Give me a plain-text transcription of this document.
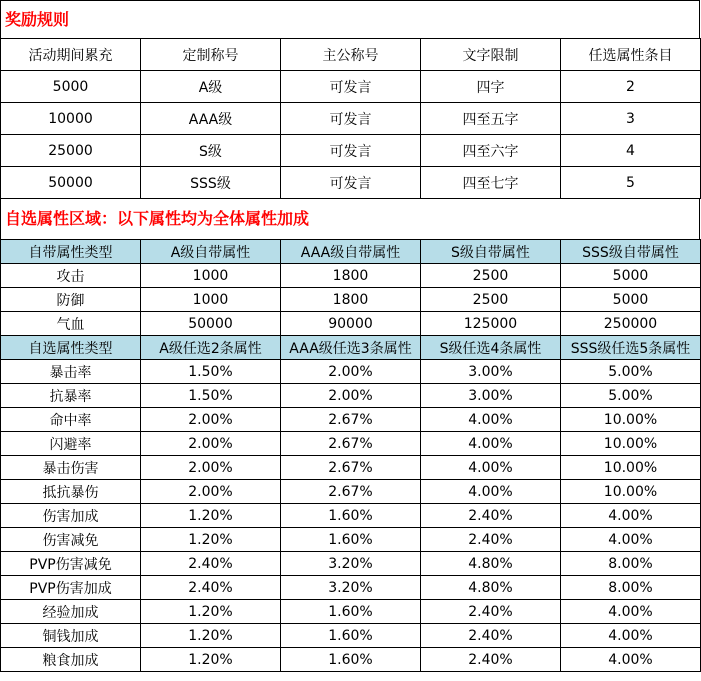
奖励规则
活动期间累充	定制称号	主公称号	文字限制	任选属性条目
5000	A级	可发言	四字	2
10000	AAA级	可发言	四至五字	3
25000	S级	可发言	四至六字	4
50000	SSS级	可发言	四至七字	5
自选属性区域：以下属性均为全体属性加成
自带属性类型	A级自带属性	AAA级自带属性	S级自带属性	SSS级自带属性
攻击	1000	1800	2500	5000
防御	1000	1800	2500	5000
气血	50000	90000	125000	250000
自选属性类型	A级任选2条属性	AAA级任选3条属性	S级任选4条属性	SSS级任选5条属性
暴击率	1.50%	2.00%	3.00%	5.00%
抗暴率	1.50%	2.00%	3.00%	5.00%
命中率	2.00%	2.67%	4.00%	10.00%
闪避率	2.00%	2.67%	4.00%	10.00%
暴击伤害	2.00%	2.67%	4.00%	10.00%
抵抗暴伤	2.00%	2.67%	4.00%	10.00%
伤害加成	1.20%	1.60%	2.40%	4.00%
伤害减免	1.20%	1.60%	2.40%	4.00%
PVP伤害减免	2.40%	3.20%	4.80%	8.00%
PVP伤害加成	2.40%	3.20%	4.80%	8.00%
经验加成	1.20%	1.60%	2.40%	4.00%
铜钱加成	1.20%	1.60%	2.40%	4.00%
粮食加成	1.20%	1.60%	2.40%	4.00%
